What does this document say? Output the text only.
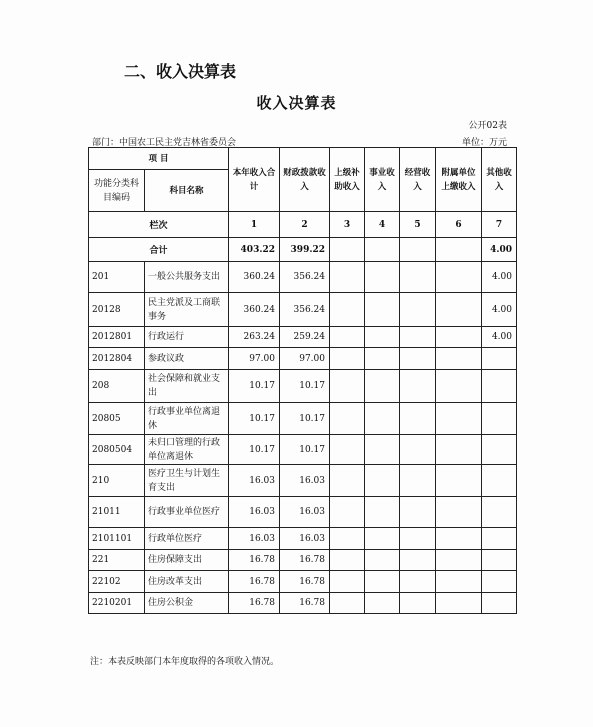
二、收入决算表
收入决算表
公开02表
部门：中国农工民主党吉林省委员会	单位：万元
项 目		本年收入合计	财政拨款收入	上级补助收入	事业收入	经营收入	附属单位上缴收入	其他收入
功能分类科目编码	科目名称							
栏次		1	2	3	4	5	6	7
合计		403.22	399.22					4.00
201	一般公共服务支出	360.24	356.24					4.00
20128	民主党派及工商联事务	360.24	356.24					4.00
2012801	行政运行	263.24	259.24					4.00
2012804	参政议政	97.00	97.00					
208	社会保障和就业支出	10.17	10.17					
20805	行政事业单位离退休	10.17	10.17					
2080504	未归口管理的行政单位离退休	10.17	10.17					
210	医疗卫生与计划生育支出	16.03	16.03					
21011	行政事业单位医疗	16.03	16.03					
2101101	行政单位医疗	16.03	16.03					
221	住房保障支出	16.78	16.78					
22102	住房改革支出	16.78	16.78					
2210201	住房公积金	16.78	16.78					
注：本表反映部门本年度取得的各项收入情况。
